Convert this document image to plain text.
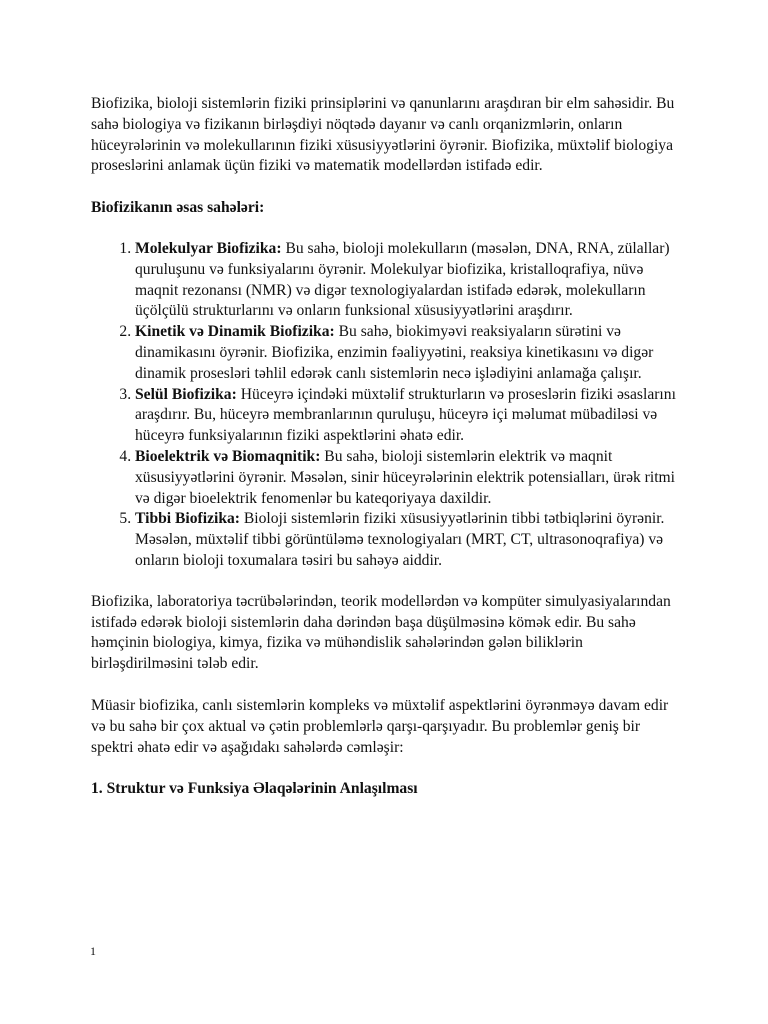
Biofizika, bioloji sistemlərin fiziki prinsiplərini və qanunlarını araşdıran bir elm sahəsidir. Bu sahə biologiya və fizikanın birləşdiyi nöqtədə dayanır və canlı orqanizmlərin, onların hüceyrələrinin və molekullarının fiziki xüsusiyyətlərini öyrənir. Biofizika, müxtəlif biologiya proseslərini anlamak üçün fiziki və matematik modellərdən istifadə edir.

Biofizikanın əsas sahələri:

1. Molekulyar Biofizika: Bu sahə, bioloji molekulların (məsələn, DNA, RNA, zülallar) quruluşunu və funksiyalarını öyrənir. Molekulyar biofizika, kristalloqrafiya, nüvə maqnit rezonansı (NMR) və digər texnologiyalardan istifadə edərək, molekulların üçölçülü strukturlarını və onların funksional xüsusiyyətlərini araşdırır.
2. Kinetik və Dinamik Biofizika: Bu sahə, biokimyəvi reaksiyaların sürətini və dinamikasını öyrənir. Biofizika, enzimin fəaliyyətini, reaksiya kinetikasını və digər dinamik prosesləri təhlil edərək canlı sistemlərin necə işlədiyini anlamağa çalışır.
3. Selül Biofizika: Hüceyrə içindəki müxtəlif strukturların və proseslərin fiziki əsaslarını araşdırır. Bu, hüceyrə membranlarının quruluşu, hüceyrə içi məlumat mübadiləsi və hüceyrə funksiyalarının fiziki aspektlərini əhatə edir.
4. Bioelektrik və Biomaqnitik: Bu sahə, bioloji sistemlərin elektrik və maqnit xüsusiyyətlərini öyrənir. Məsələn, sinir hüceyrələrinin elektrik potensialları, ürək ritmi və digər bioelektrik fenomenlər bu kateqoriyaya daxildir.
5. Tibbi Biofizika: Bioloji sistemlərin fiziki xüsusiyyətlərinin tibbi tətbiqlərini öyrənir. Məsələn, müxtəlif tibbi görüntüləmə texnologiyaları (MRT, CT, ultrasonoqrafiya) və onların bioloji toxumalara təsiri bu sahəyə aiddir.

Biofizika, laboratoriya təcrübələrindən, teorik modellərdən və kompüter simulyasiyalarından istifadə edərək bioloji sistemlərin daha dərindən başa düşülməsinə kömək edir. Bu sahə həmçinin biologiya, kimya, fizika və mühəndislik sahələrindən gələn biliklərin birləşdirilməsini tələb edir.

Müasir biofizika, canlı sistemlərin kompleks və müxtəlif aspektlərini öyrənməyə davam edir və bu sahə bir çox aktual və çətin problemlərlə qarşı-qarşıyadır. Bu problemlər geniş bir spektri əhatə edir və aşağıdakı sahələrdə cəmləşir:

1. Struktur və Funksiya Əlaqələrinin Anlaşılması

1
